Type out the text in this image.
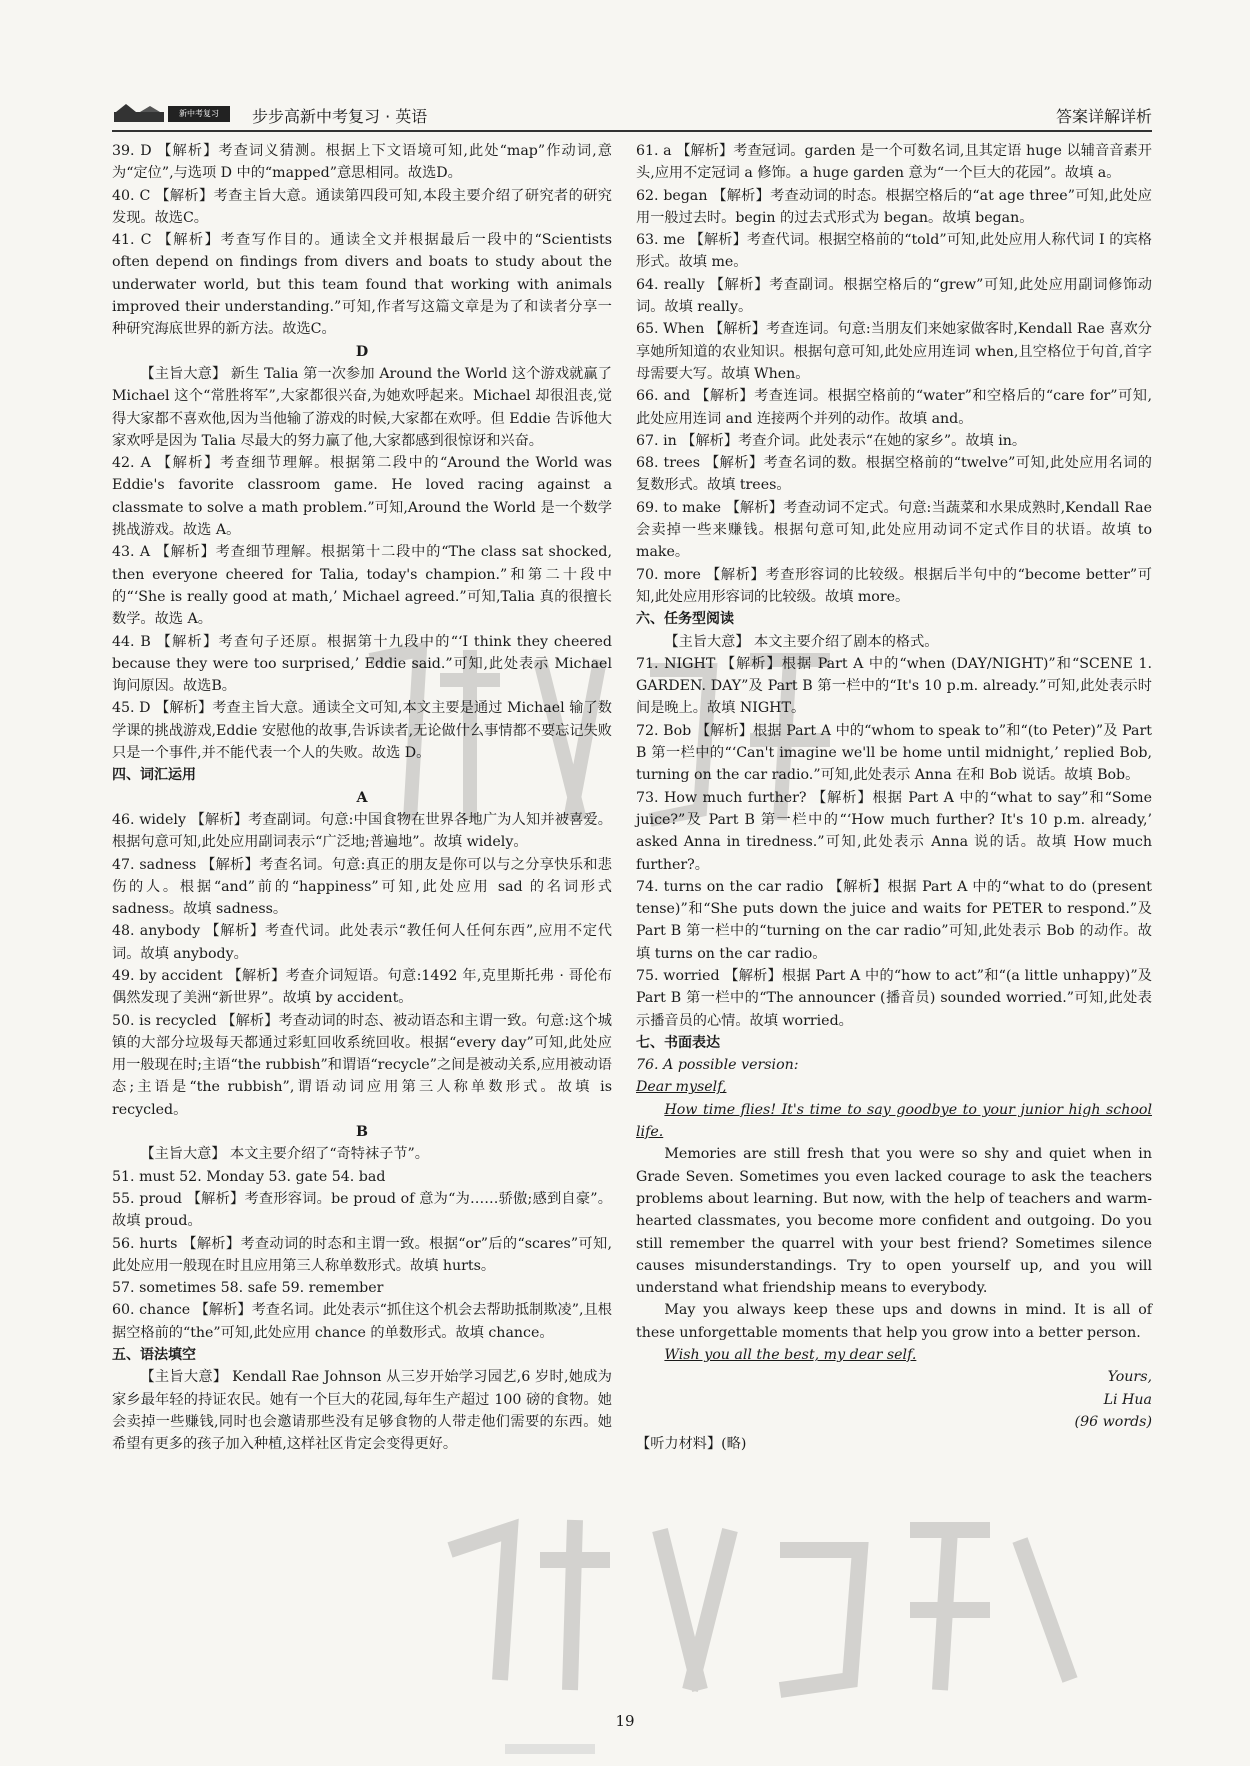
新中考复习	步步高新中考复习 · 英语	答案详解详析

39. D 【解析】考查词义猜测。根据上下文语境可知,此处“map”作动词,意为“定位”,与选项 D 中的“mapped”意思相同。故选D。

40. C 【解析】考查主旨大意。通读第四段可知,本段主要介绍了研究者的研究发现。故选C。

41. C 【解析】考查写作目的。通读全文并根据最后一段中的“Scientists often depend on findings from divers and boats to study about the underwater world, but this team found that working with animals improved their understanding.”可知,作者写这篇文章是为了和读者分享一种研究海底世界的新方法。故选C。

D

【主旨大意】 新生 Talia 第一次参加 Around the World 这个游戏就赢了 Michael 这个“常胜将军”,大家都很兴奋,为她欢呼起来。Michael 却很沮丧,觉得大家都不喜欢他,因为当他输了游戏的时候,大家都在欢呼。但 Eddie 告诉他大家欢呼是因为 Talia 尽最大的努力赢了他,大家都感到很惊讶和兴奋。

42. A 【解析】考查细节理解。根据第二段中的“Around the World was Eddie's favorite classroom game. He loved racing against a classmate to solve a math problem.”可知,Around the World 是一个数学挑战游戏。故选 A。

43. A 【解析】考查细节理解。根据第十二段中的“The class sat shocked, then everyone cheered for Talia, today's champion.”和第二十段中的“‘She is really good at math,’ Michael agreed.”可知,Talia 真的很擅长数学。故选 A。

44. B 【解析】考查句子还原。根据第十九段中的“‘I think they cheered because they were too surprised,’ Eddie said.”可知,此处表示 Michael 询问原因。故选B。

45. D 【解析】考查主旨大意。通读全文可知,本文主要是通过 Michael 输了数学课的挑战游戏,Eddie 安慰他的故事,告诉读者,无论做什么事情都不要忘记失败只是一个事件,并不能代表一个人的失败。故选 D。

四、词汇运用

A

46. widely 【解析】考查副词。句意:中国食物在世界各地广为人知并被喜爱。根据句意可知,此处应用副词表示“广泛地;普遍地”。故填 widely。

47. sadness 【解析】考查名词。句意:真正的朋友是你可以与之分享快乐和悲伤的人。根据“and”前的“happiness”可知,此处应用 sad 的名词形式 sadness。故填 sadness。

48. anybody 【解析】考查代词。此处表示“教任何人任何东西”,应用不定代词。故填 anybody。

49. by accident 【解析】考查介词短语。句意:1492 年,克里斯托弗 · 哥伦布偶然发现了美洲“新世界”。故填 by accident。

50. is recycled 【解析】考查动词的时态、被动语态和主谓一致。句意:这个城镇的大部分垃圾每天都通过彩虹回收系统回收。根据“every day”可知,此处应用一般现在时;主语“the rubbish”和谓语“recycle”之间是被动关系,应用被动语态;主语是“the rubbish”,谓语动词应用第三人称单数形式。故填 is recycled。

B

【主旨大意】 本文主要介绍了“奇特袜子节”。

51. must 52. Monday 53. gate 54. bad

55. proud 【解析】考查形容词。be proud of 意为“为……骄傲;感到自豪”。故填 proud。

56. hurts 【解析】考查动词的时态和主谓一致。根据“or”后的“scares”可知,此处应用一般现在时且应用第三人称单数形式。故填 hurts。

57. sometimes 58. safe 59. remember

60. chance 【解析】考查名词。此处表示“抓住这个机会去帮助抵制欺凌”,且根据空格前的“the”可知,此处应用 chance 的单数形式。故填 chance。

五、语法填空

【主旨大意】 Kendall Rae Johnson 从三岁开始学习园艺,6 岁时,她成为家乡最年轻的持证农民。她有一个巨大的花园,每年生产超过 100 磅的食物。她会卖掉一些赚钱,同时也会邀请那些没有足够食物的人带走他们需要的东西。她希望有更多的孩子加入种植,这样社区肯定会变得更好。

61. a 【解析】考查冠词。garden 是一个可数名词,且其定语 huge 以辅音音素开头,应用不定冠词 a 修饰。a huge garden 意为“一个巨大的花园”。故填 a。

62. began 【解析】考查动词的时态。根据空格后的“at age three”可知,此处应用一般过去时。begin 的过去式形式为 began。故填 began。

63. me 【解析】考查代词。根据空格前的“told”可知,此处应用人称代词 I 的宾格形式。故填 me。

64. really 【解析】考查副词。根据空格后的“grew”可知,此处应用副词修饰动词。故填 really。

65. When 【解析】考查连词。句意:当朋友们来她家做客时,Kendall Rae 喜欢分享她所知道的农业知识。根据句意可知,此处应用连词 when,且空格位于句首,首字母需要大写。故填 When。

66. and 【解析】考查连词。根据空格前的“water”和空格后的“care for”可知,此处应用连词 and 连接两个并列的动作。故填 and。

67. in 【解析】考查介词。此处表示“在她的家乡”。故填 in。

68. trees 【解析】考查名词的数。根据空格前的“twelve”可知,此处应用名词的复数形式。故填 trees。

69. to make 【解析】考查动词不定式。句意:当蔬菜和水果成熟时,Kendall Rae 会卖掉一些来赚钱。根据句意可知,此处应用动词不定式作目的状语。故填 to make。

70. more 【解析】考查形容词的比较级。根据后半句中的“become better”可知,此处应用形容词的比较级。故填 more。

六、任务型阅读

【主旨大意】 本文主要介绍了剧本的格式。

71. NIGHT 【解析】根据 Part A 中的“when (DAY/NIGHT)”和“SCENE 1. GARDEN. DAY”及 Part B 第一栏中的“It's 10 p.m. already.”可知,此处表示时间是晚上。故填 NIGHT。

72. Bob 【解析】根据 Part A 中的“whom to speak to”和“(to Peter)”及 Part B 第一栏中的“‘Can't imagine we'll be home until midnight,’ replied Bob, turning on the car radio.”可知,此处表示 Anna 在和 Bob 说话。故填 Bob。

73. How much further? 【解析】根据 Part A 中的“what to say”和“Some juice?”及 Part B 第一栏中的“‘How much further? It's 10 p.m. already,’ asked Anna in tiredness.”可知,此处表示 Anna 说的话。故填 How much further?。

74. turns on the car radio 【解析】根据 Part A 中的“what to do (present tense)”和“She puts down the juice and waits for PETER to respond.”及 Part B 第一栏中的“turning on the car radio”可知,此处表示 Bob 的动作。故填 turns on the car radio。

75. worried 【解析】根据 Part A 中的“how to act”和“(a little unhappy)”及 Part B 第一栏中的“The announcer (播音员) sounded worried.”可知,此处表示播音员的心情。故填 worried。

七、书面表达

76. A possible version:

Dear myself,

How time flies! It's time to say goodbye to your junior high school life.

Memories are still fresh that you were so shy and quiet when in Grade Seven. Sometimes you even lacked courage to ask the teachers problems about learning. But now, with the help of teachers and warm-hearted classmates, you become more confident and outgoing. Do you still remember the quarrel with your best friend? Sometimes silence causes misunderstandings. Try to open yourself up, and you will understand what friendship means to everybody.

May you always keep these ups and downs in mind. It is all of these unforgettable moments that help you grow into a better person.

Wish you all the best, my dear self.

Yours,

Li Hua

(96 words)

【听力材料】(略)

19
